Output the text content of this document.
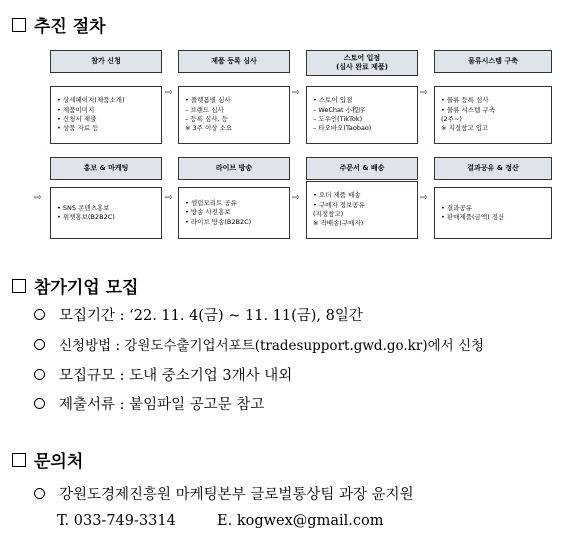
추진 절차
참가 신청
• 상세페이지(제품소개)
• 제품이미지
• 신청서 제출
• 상품 자료 등
⇨
제품 등록 심사
• 플랫폼별 심사
– 브랜드 심사
– 등록 심사, 등
※ 3주 이상 소요
⇨
스토어 입점
(심사 완료 제품)
• 스토어 입점
– WeChat 小程序
– 도우인(TikTok)
– 타오바오(Taobao)
⇨
물류시스템 구축
• 물류 등록 심사
• 물류 시스템 구축
(2주~)
※ 지정창고 입고
⇨
홍보 & 마케팅
• SNS 콘텐츠홍보
• 위챗홍보(B2B2C)
⇨
라이브 방송
• 셀럽모리트 공유
• 방송 사전홍보
• 라이브 방송(B2B2C)
⇨
주문서 & 배송
• 오더 제품 배송
• 구매자 정보공유
(지정창고)
※ 직배송(구매자)
⇨
결과공유 & 정산
• 결과공유
• 판매제품(금액) 정산
참가기업 모집
모집기간 : ‘22. 11. 4(금) ~ 11. 11(금), 8일간
신청방법 : 강원도수출기업서포트(tradesupport.gwd.go.kr)에서 신청
모집규모 : 도내 중소기업 3개사 내외
제출서류 : 붙임파일 공고문 참고
문의처
강원도경제진흥원 마케팅본부 글로벌통상팀 과장 윤지원
T. 033-749-3314	E. kogwex@gmail.com
